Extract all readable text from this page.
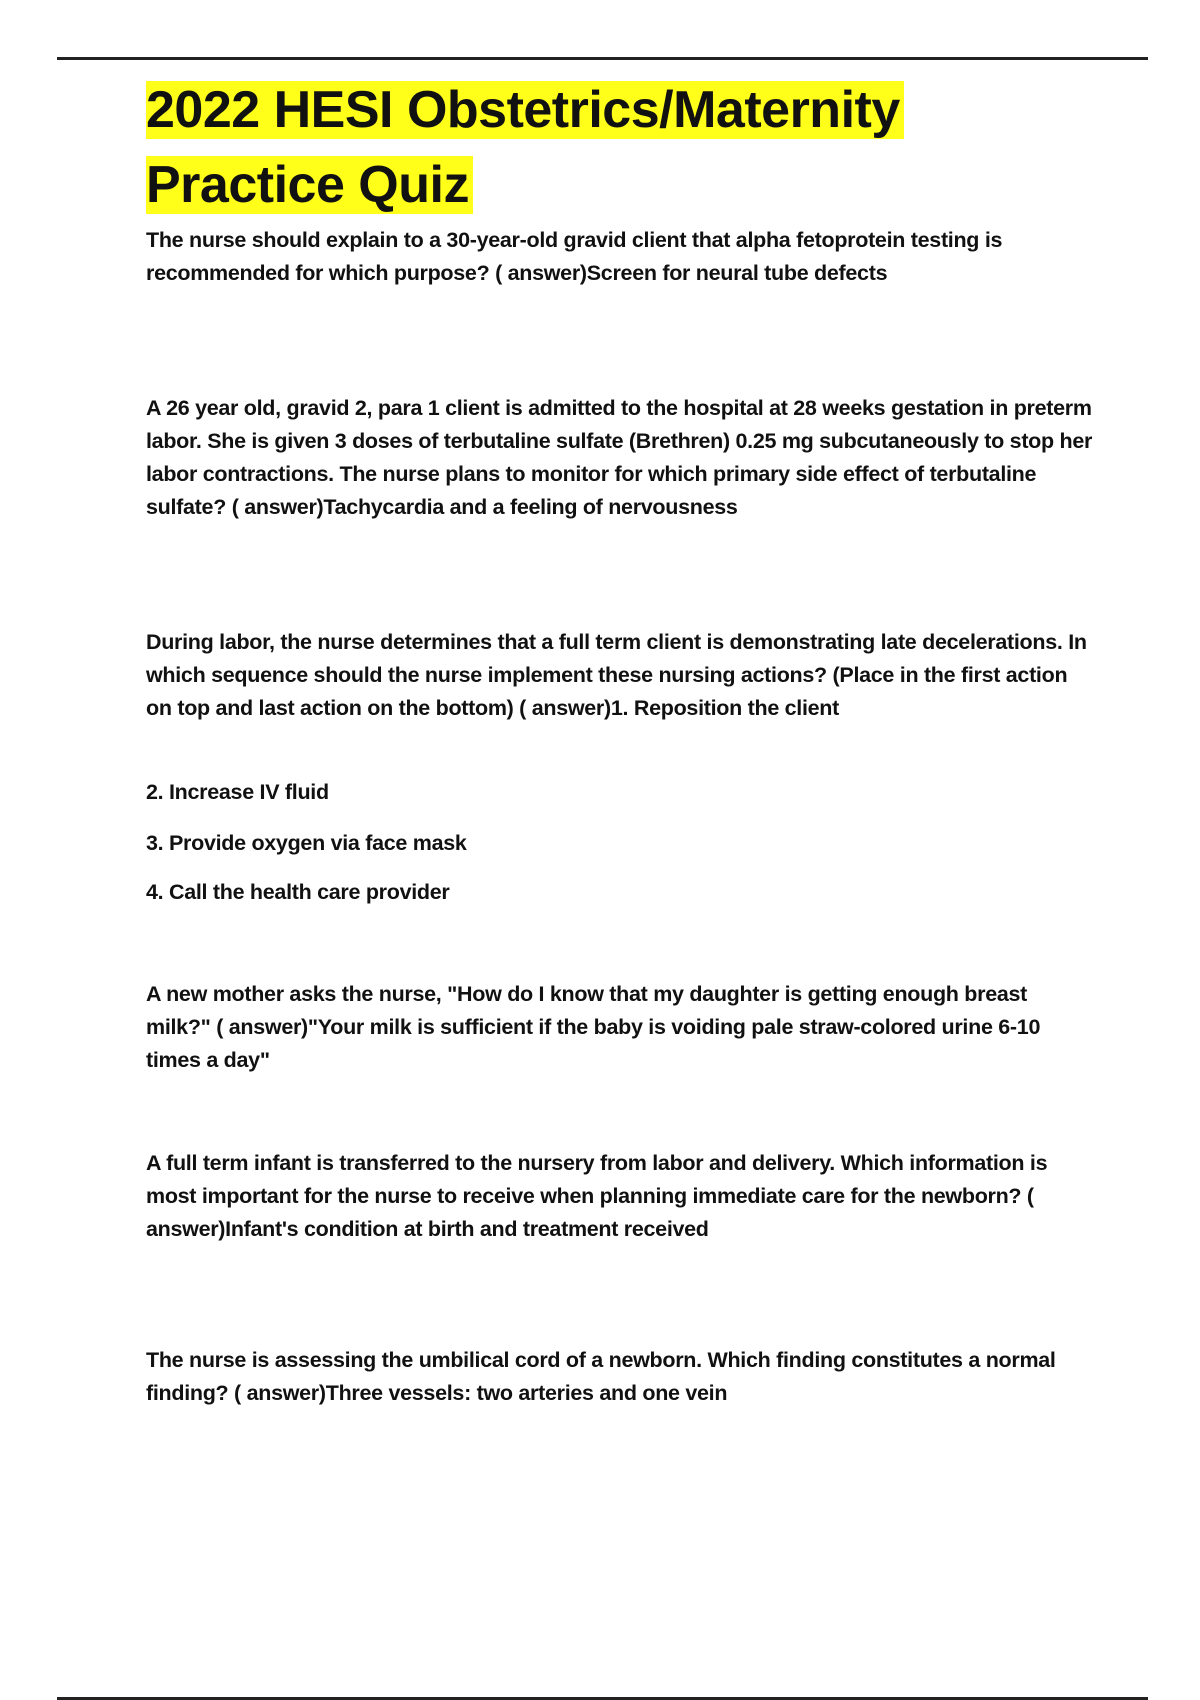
2022 HESI Obstetrics/Maternity Practice Quiz

The nurse should explain to a 30-year-old gravid client that alpha fetoprotein testing is recommended for which purpose? ( answer)Screen for neural tube defects

A 26 year old, gravid 2, para 1 client is admitted to the hospital at 28 weeks gestation in preterm labor. She is given 3 doses of terbutaline sulfate (Brethren) 0.25 mg subcutaneously to stop her labor contractions. The nurse plans to monitor for which primary side effect of terbutaline sulfate? ( answer)Tachycardia and a feeling of nervousness

During labor, the nurse determines that a full term client is demonstrating late decelerations. In which sequence should the nurse implement these nursing actions? (Place in the first action on top and last action on the bottom) ( answer)1. Reposition the client

2. Increase IV fluid

3. Provide oxygen via face mask

4. Call the health care provider

A new mother asks the nurse, "How do I know that my daughter is getting enough breast milk?" ( answer)"Your milk is sufficient if the baby is voiding pale straw-colored urine 6-10 times a day"

A full term infant is transferred to the nursery from labor and delivery. Which information is most important for the nurse to receive when planning immediate care for the newborn? ( answer)Infant's condition at birth and treatment received

The nurse is assessing the umbilical cord of a newborn. Which finding constitutes a normal finding? ( answer)Three vessels: two arteries and one vein
